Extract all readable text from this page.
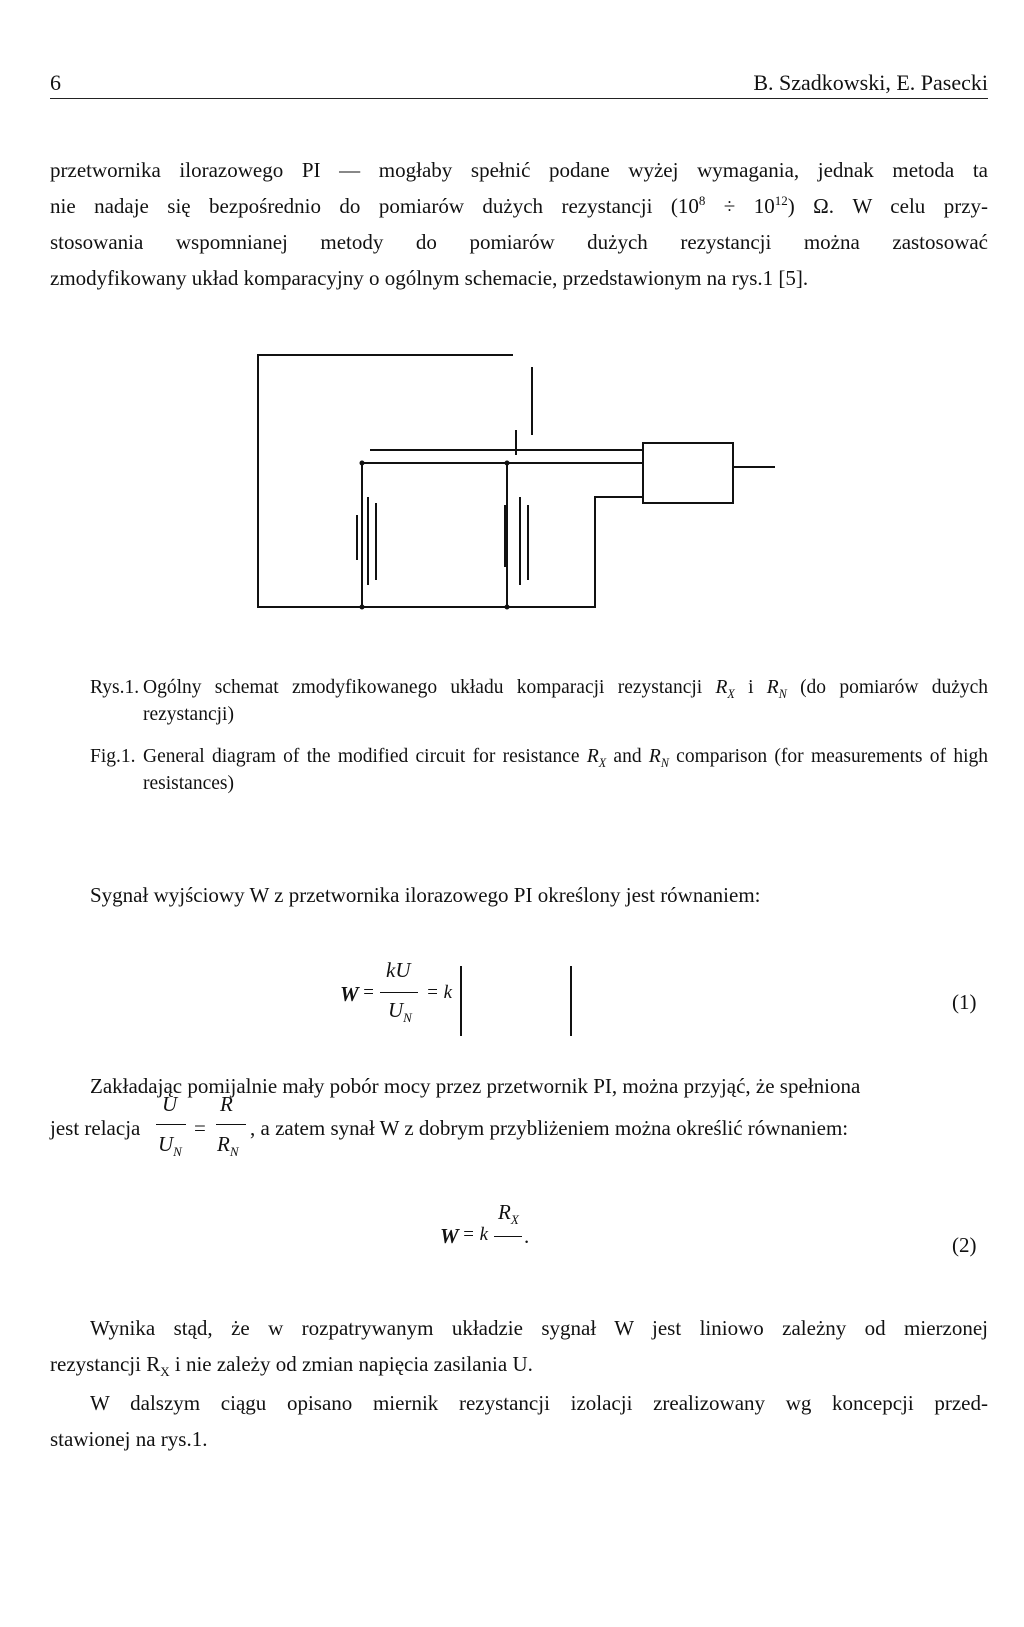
6	B. Szadkowski, E. Pasecki
przetwornika ilorazowego PI — mogłaby spełnić podane wyżej wymagania, jednak metoda ta
nie nadaje się bezpośrednio do pomiarów dużych rezystancji $(10^8 \div 10^{12})$ Ω. W celu przy-
stosowania wspomnianej metody do pomiarów dużych rezystancji można zastosować
zmodyfikowany układ komparacyjny o ogólnym schemacie, przedstawionym na rys.1 [5].
Rys.1. Ogólny schemat zmodyfikowanego układu komparacji rezystancji $R_X$ i $R_N$ (do pomiarów dużych rezystancji)
Fig.1. General diagram of the modified circuit for resistance $R_X$ and $R_N$ comparison (for measurements of high resistances)
Sygnał wyjściowy W z przetwornika ilorazowego PI określony jest równaniem:
W =
kU
$U_N$
= k	(1)
Zakładając pomijalnie mały pobór mocy przez przetwornik PI, można przyjąć, że spełniona
jest relacja
U
$U_N$
=
R
$R_N$
, a zatem synał W z dobrym przybliżeniem można określić równaniem:
W = k
$R_X$
.	(2)
Wynika stąd, że w rozpatrywanym układzie sygnał W jest liniowo zależny od mierzonej
rezystancji $R_X$ i nie zależy od zmian napięcia zasilania U.
W dalszym ciągu opisano miernik rezystancji izolacji zrealizowany wg koncepcji przed-
stawionej na rys.1.
